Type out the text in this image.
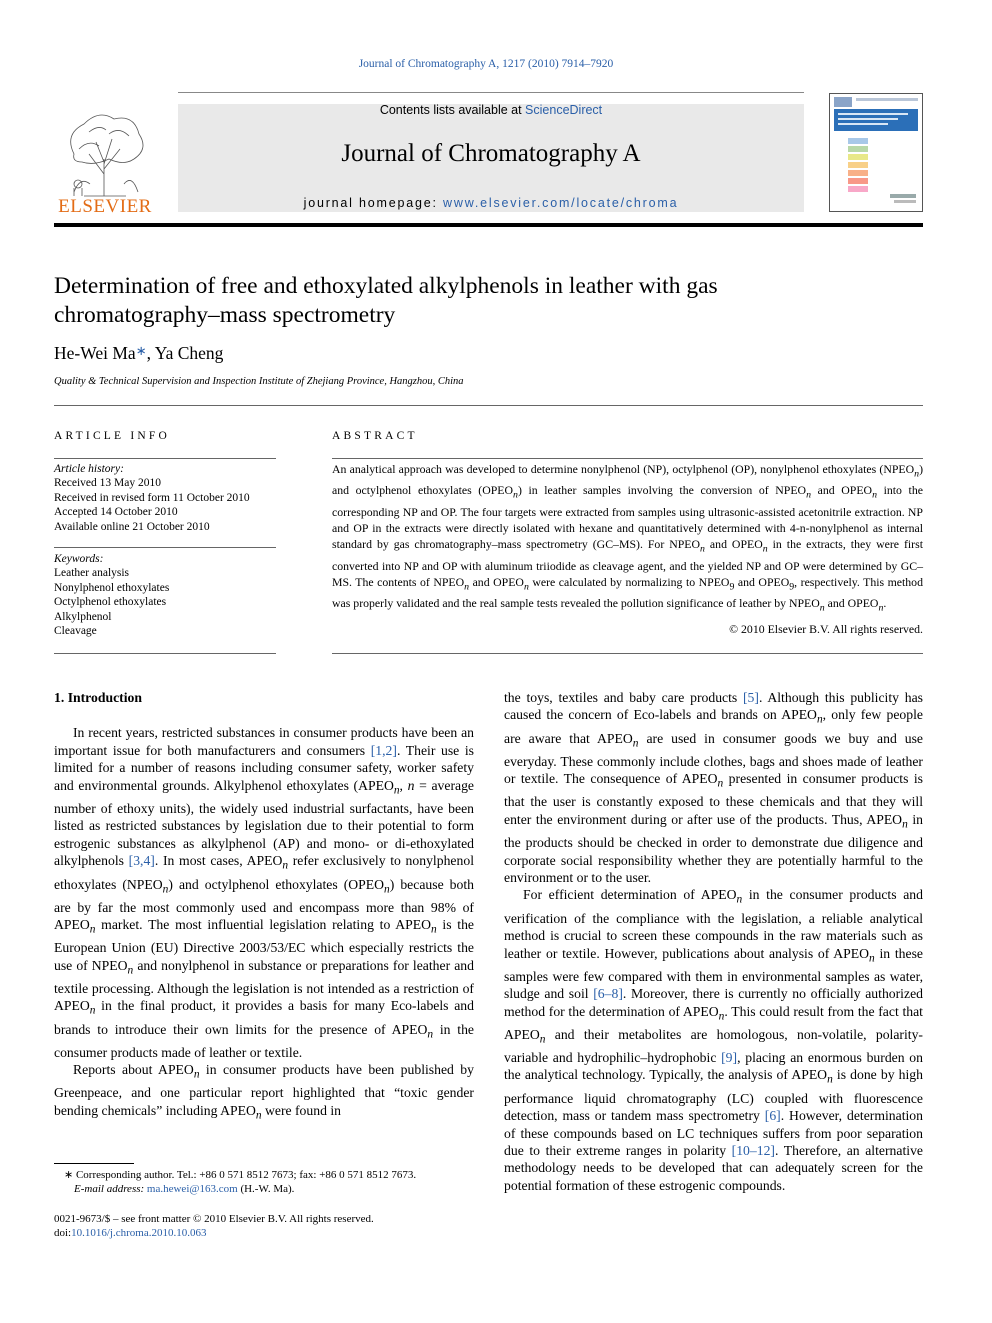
Journal of Chromatography A, 1217 (2010) 7914–7920
ELSEVIER
Contents lists available at ScienceDirect
Journal of Chromatography A
journal homepage: www.elsevier.com/locate/chroma
Determination of free and ethoxylated alkylphenols in leather with gas
chromatography–mass spectrometry
He-Wei Ma∗, Ya Cheng
Quality & Technical Supervision and Inspection Institute of Zhejiang Province, Hangzhou, China
ARTICLE INFO
Article history:
Received 13 May 2010
Received in revised form 11 October 2010
Accepted 14 October 2010
Available online 21 October 2010
Keywords:
Leather analysis
Nonylphenol ethoxylates
Octylphenol ethoxylates
Alkylphenol
Cleavage
ABSTRACT
An analytical approach was developed to determine nonylphenol (NP), octylphenol (OP), nonylphenol ethoxylates $(NPEO_n)$ and octylphenol ethoxylates $(OPEO_n)$ in leather samples involving the conversion of $NPEO_n$ and $OPEO_n$ into the corresponding NP and OP. The four targets were extracted from samples using ultrasonic-assisted acetonitrile extraction. NP and OP in the extracts were directly isolated with hexane and quantitatively determined with 4-n-nonylphenol as internal standard by gas chromatography–mass spectrometry (GC–MS). For $NPEO_n$ and $OPEO_n$ in the extracts, they were first converted into NP and OP with aluminum triiodide as cleavage agent, and the yielded NP and OP were determined by GC–MS. The contents of $NPEO_n$ and $OPEO_n$ were calculated by normalizing to $NPEO_9$ and $OPEO_9$, respectively. This method was properly validated and the real sample tests revealed the pollution significance of leather by $NPEO_n$ and $OPEO_n$.
© 2010 Elsevier B.V. All rights reserved.
1. Introduction

In recent years, restricted substances in consumer products have been an important issue for both manufacturers and consumers [1,2]. Their use is limited for a number of reasons including consumer safety, worker safety and environmental grounds. Alkylphenol ethoxylates ($APEO_n$, n = average number of ethoxy units), the widely used industrial surfactants, have been listed as restricted substances by legislation due to their potential to form estrogenic substances as alkylphenol (AP) and mono- or di-ethoxylated alkylphenols [3,4]. In most cases, $APEO_n$ refer exclusively to nonylphenol ethoxylates $(NPEO_n)$ and octylphenol ethoxylates $(OPEO_n)$ because both are by far the most commonly used and encompass more than 98% of $APEO_n$ market. The most influential legislation relating to $APEO_n$ is the European Union (EU) Directive 2003/53/EC which especially restricts the use of $NPEO_n$ and nonylphenol in substance or preparations for leather and textile processing. Although the legislation is not intended as a restriction of $APEO_n$ in the final product, it provides a basis for many Eco-labels and brands to introduce their own limits for the presence of $APEO_n$ in the consumer products made of leather or textile.

Reports about $APEO_n$ in consumer products have been published by Greenpeace, and one particular report highlighted that “toxic gender bending chemicals” including $APEO_n$ were found in

the toys, textiles and baby care products [5]. Although this publicity has caused the concern of Eco-labels and brands on $APEO_n$, only few people are aware that $APEO_n$ are used in consumer goods we buy and use everyday. These commonly include clothes, bags and shoes made of leather or textile. The consequence of $APEO_n$ presented in consumer products is that the user is constantly exposed to these chemicals and that they will enter the environment during or after use of the products. Thus, $APEO_n$ in the products should be checked in order to demonstrate due diligence and corporate social responsibility whether they are potentially harmful to the environment or to the user.

For efficient determination of $APEO_n$ in the consumer products and verification of the compliance with the legislation, a reliable analytical method is crucial to screen these compounds in the raw materials such as leather or textile. However, publications about analysis of $APEO_n$ in these samples were few compared with them in environmental samples as water, sludge and soil [6–8]. Moreover, there is currently no officially authorized method for the determination of $APEO_n$. This could result from the fact that $APEO_n$ and their metabolites are homologous, non-volatile, polarity-variable and hydrophilic–hydrophobic [9], placing an enormous burden on the analytical technology. Typically, the analysis of $APEO_n$ is done by high performance liquid chromatography (LC) coupled with fluorescence detection, mass or tandem mass spectrometry [6]. However, determination of these compounds based on LC techniques suffers from poor separation due to their extreme ranges in polarity [10–12]. Therefore, an alternative methodology needs to be developed that can adequately screen for the potential formation of these estrogenic compounds.

∗ Corresponding author. Tel.: +86 0 571 8512 7673; fax: +86 0 571 8512 7673.
E-mail address: ma.hewei@163.com (H.-W. Ma).
0021-9673/$ – see front matter © 2010 Elsevier B.V. All rights reserved.
doi:10.1016/j.chroma.2010.10.063
